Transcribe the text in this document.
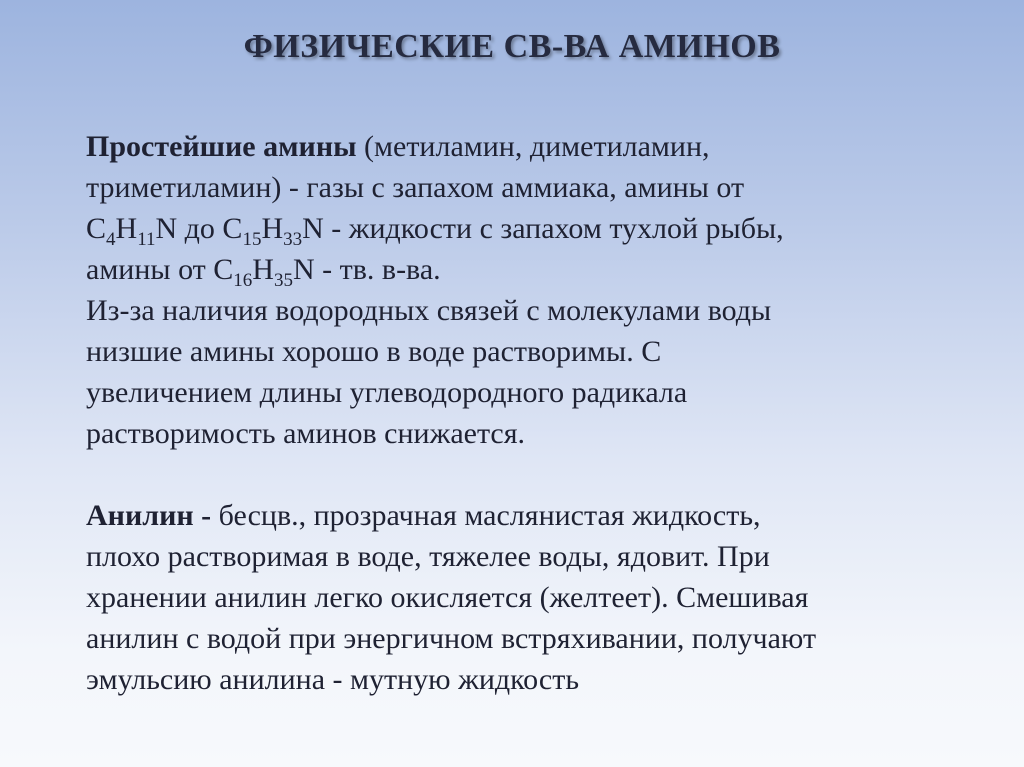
ФИЗИЧЕСКИЕ СВ-ВА АМИНОВ
Простейшие амины (метиламин, диметиламин,
триметиламин) - газы с запахом аммиака, амины от
$C_4H_{11}N$ до $C_{15}H_{33}N$ - жидкости с запахом тухлой рыбы,
амины от $C_{16}H_{35}N$ - тв. в-ва.
Из-за наличия водородных связей с молекулами воды
низшие амины хорошо в воде растворимы. С
увеличением длины углеводородного радикала
растворимость аминов снижается.
Анилин - бесцв., прозрачная маслянистая жидкость,
плохо растворимая в воде, тяжелее воды, ядовит. При
хранении анилин легко окисляется (желтеет). Смешивая
анилин с водой при энергичном встряхивании, получают
эмульсию анилина - мутную жидкость
